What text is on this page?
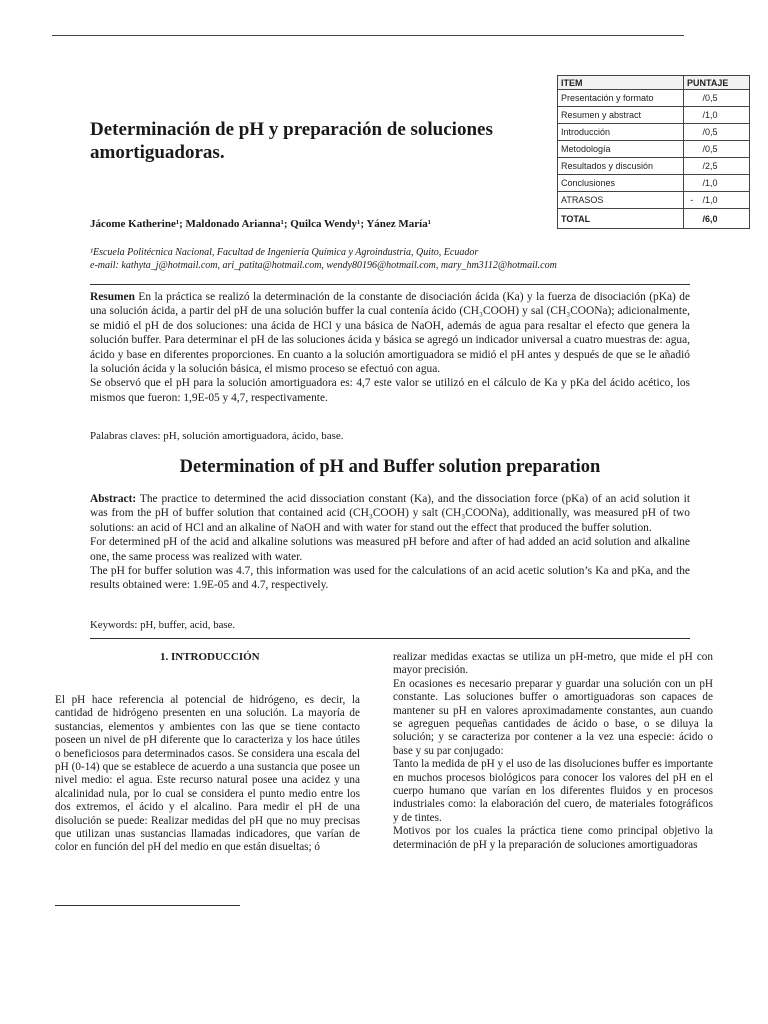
ITEM	PUNTAJE	
Presentación y formato		/0,5
Resumen y abstract		/1,0
Introducción		/0,5
Metodología		/0,5
Resultados y discusión		/2,5
Conclusiones		/1,0
ATRASOS	-	/1,0
TOTAL		/6,0
Determinación de pH y preparación de soluciones amortiguadoras.
Jácome Katherine¹; Maldonado Arianna¹; Quilca Wendy¹; Yánez María¹
¹Escuela Politécnica Nacional, Facultad de Ingeniería Química y Agroindustria, Quito, Ecuador
e-mail: kathyta_j@hotmail.com, ari_patita@hotmail.com, wendy80196@hotmail.com, mary_hm3112@hotmail.com

Resumen En la práctica se realizó la determinación de la constante de disociación ácida (Ka) y la fuerza de disociación (pKa) de una solución ácida, a partir del pH de una solución buffer la cual contenía ácido (CH₃COOH) y sal (CH₃COONa); adicionalmente, se midió el pH de dos soluciones: una ácida de HCl y una básica de NaOH, además de agua para resaltar el efecto que genera la solución buffer. Para determinar el pH de las soluciones ácida y básica se agregó un indicador universal a cuatro muestras de: agua, ácido y base en diferentes proporciones. En cuanto a la solución amortiguadora se midió el pH antes y después de que se le añadió la solución ácida y la solución básica, el mismo proceso se efectuó con agua.

Se observó que el pH para la solución amortiguadora es: 4,7 este valor se utilizó en el cálculo de Ka y pKa del ácido acético, los mismos que fueron: 1,9E-05 y 4,7, respectivamente.

Palabras claves: pH, solución amortiguadora, ácido, base.
Determination of pH and Buffer solution preparation

Abstract: The practice to determined the acid dissociation constant (Ka), and the dissociation force (pKa) of an acid solution it was from the pH of buffer solution that contained acid (CH₃COOH) y salt (CH₃COONa), additionally, was measured pH of two solutions: an acid of HCl and an alkaline of NaOH and with water for stand out the effect that produced the buffer solution.

For determined pH of the acid and alkaline solutions was measured pH before and after of had added an acid solution and alkaline one, the same process was realized with water.

The pH for buffer solution was 4.7, this information was used for the calculations of an acid acetic solution’s Ka and pKa, and the results obtained were: 1.9E-05 and 4.7, respectively.

Keywords: pH, buffer, acid, base.
1. INTRODUCCIÓN

El pH hace referencia al potencial de hidrógeno, es decir, la cantidad de hidrógeno presenten en una solución. La mayoría de sustancias, elementos y ambientes con las que se tiene contacto poseen un nivel de pH diferente que lo caracteriza y los hace útiles o beneficiosos para determinados casos. Se considera una escala del pH (0-14) que se establece de acuerdo a una sustancia que posee un nivel medio: el agua. Este recurso natural posee una acidez y una alcalinidad nula, por lo cual se considera el punto medio entre los dos extremos, el ácido y el alcalino. Para medir el pH de una disolución se puede: Realizar medidas del pH que no muy precisas que utilizan unas sustancias llamadas indicadores, que varían de color en función del pH del medio en que están disueltas; ó

realizar medidas exactas se utiliza un pH-metro, que mide el pH con mayor precisión.

En ocasiones es necesario preparar y guardar una solución con un pH constante. Las soluciones buffer o amortiguadoras son capaces de mantener su pH en valores aproximadamente constantes, aun cuando se agreguen pequeñas cantidades de ácido o base, o se diluya la solución; y se caracteriza por contener a la vez una especie: ácido o base y su par conjugado:

Tanto la medida de pH y el uso de las disoluciones buffer es importante en muchos procesos biológicos para conocer los valores del pH en el cuerpo humano que varían en los diferentes fluidos y en procesos industriales como: la elaboración del cuero, de materiales fotográficos y de tintes.

Motivos por los cuales la práctica tiene como principal objetivo la determinación de pH y la preparación de soluciones amortiguadoras
